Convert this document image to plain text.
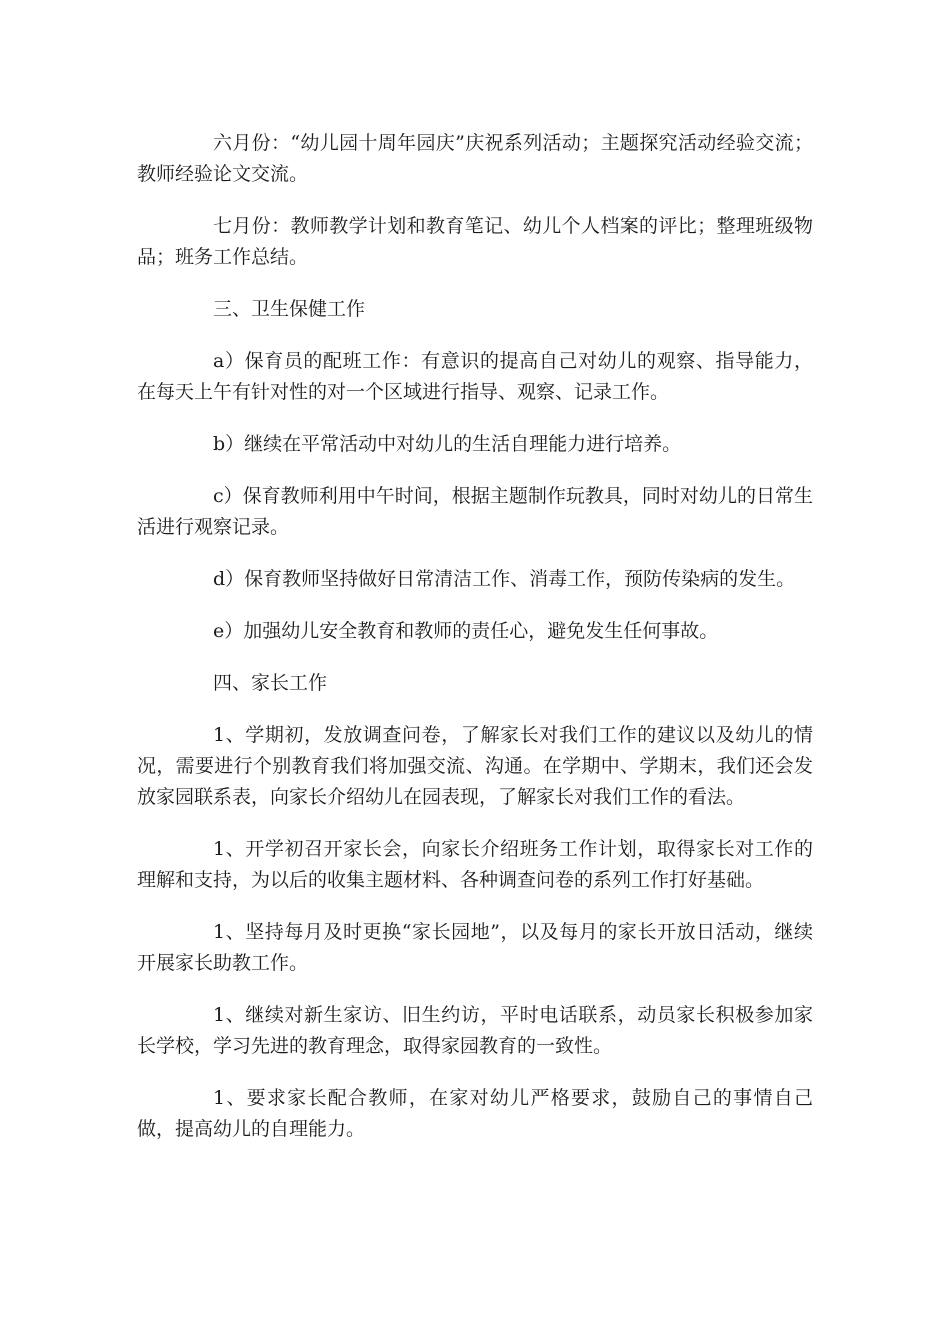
六月份：“幼儿园十周年园庆”庆祝系列活动；主题探究活动经验交流；教师经验论文交流。

七月份：教师教学计划和教育笔记、幼儿个人档案的评比；整理班级物品；班务工作总结。

三、卫生保健工作

a）保育员的配班工作：有意识的提高自己对幼儿的观察、指导能力，在每天上午有针对性的对一个区域进行指导、观察、记录工作。

b）继续在平常活动中对幼儿的生活自理能力进行培养。

c）保育教师利用中午时间，根据主题制作玩教具，同时对幼儿的日常生活进行观察记录。

d）保育教师坚持做好日常清洁工作、消毒工作，预防传染病的发生。

e）加强幼儿安全教育和教师的责任心，避免发生任何事故。

四、家长工作

1、学期初，发放调查问卷，了解家长对我们工作的建议以及幼儿的情况，需要进行个别教育我们将加强交流、沟通。在学期中、学期末，我们还会发放家园联系表，向家长介绍幼儿在园表现，了解家长对我们工作的看法。

1、开学初召开家长会，向家长介绍班务工作计划，取得家长对工作的理解和支持，为以后的收集主题材料、各种调查问卷的系列工作打好基础。

1、坚持每月及时更换“家长园地”，以及每月的家长开放日活动，继续开展家长助教工作。

1、继续对新生家访、旧生约访，平时电话联系，动员家长积极参加家长学校，学习先进的教育理念，取得家园教育的一致性。

1、要求家长配合教师，在家对幼儿严格要求，鼓励自己的事情自己做，提高幼儿的自理能力。
